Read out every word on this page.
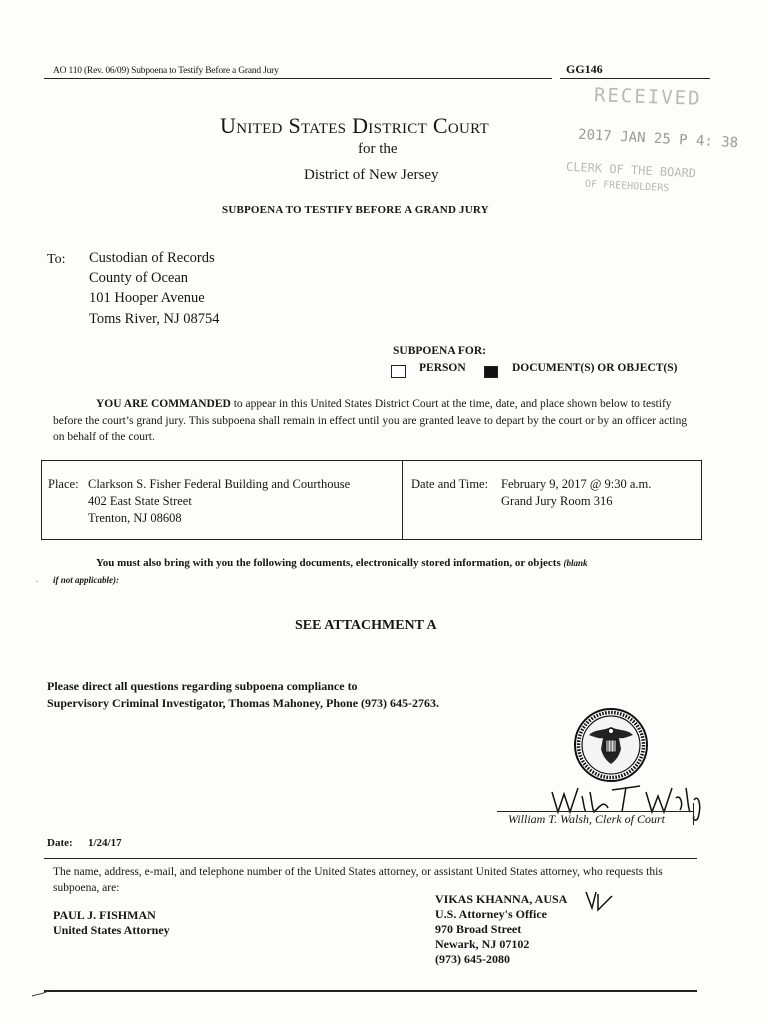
AO 110 (Rev. 06/09) Subpoena to Testify Before a Grand Jury	GG146
RECEIVED
2017 JAN 25 P 4: 38
CLERK OF THE BOARD
OF FREEHOLDERS
United States District Court
for the
District of New Jersey
SUBPOENA TO TESTIFY BEFORE A GRAND JURY
To: Custodian of Records
County of Ocean
101 Hooper Avenue
Toms River, NJ 08754
SUBPOENA FOR:
PERSON	DOCUMENT(S) OR OBJECT(S)
YOU ARE COMMANDED to appear in this United States District Court at the time, date, and place shown below to testify before the court’s grand jury. This subpoena shall remain in effect until you are granted leave to depart by the court or by an officer acting on behalf of the court.
Place: Clarkson S. Fisher Federal Building and Courthouse
402 East State Street
Trenton, NJ 08608
Date and Time: February 9, 2017 @ 9:30 a.m.
Grand Jury Room 316
You must also bring with you the following documents, electronically stored information, or objects (blank
if not applicable):
.
SEE ATTACHMENT A
Please direct all questions regarding subpoena compliance to
Supervisory Criminal Investigator, Thomas Mahoney, Phone (973) 645-2763.
William T. Walsh, Clerk of Court
Date: 1/24/17
The name, address, e-mail, and telephone number of the United States attorney, or assistant United States attorney, who requests this subpoena, are:
PAUL J. FISHMAN
United States Attorney
VIKAS KHANNA, AUSA
U.S. Attorney's Office
970 Broad Street
Newark, NJ 07102
(973) 645-2080
